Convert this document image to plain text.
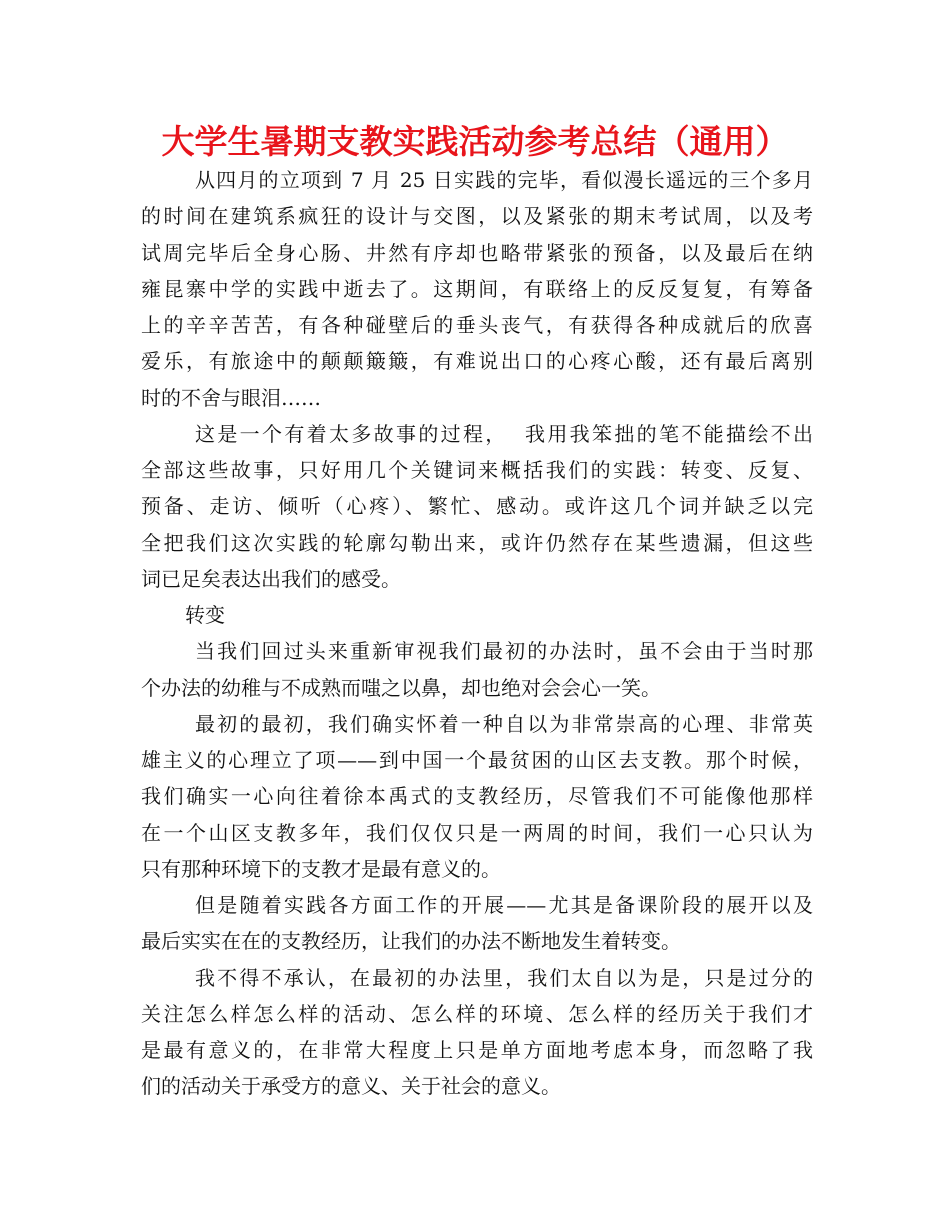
大学生暑期支教实践活动参考总结（通用）
从四月的立项到 7 月 25 日实践的完毕，看似漫长遥远的三个多月
的时间在建筑系疯狂的设计与交图，以及紧张的期末考试周，以及考
试周完毕后全身心肠、井然有序却也略带紧张的预备，以及最后在纳
雍昆寨中学的实践中逝去了。这期间，有联络上的反反复复，有筹备
上的辛辛苦苦，有各种碰壁后的垂头丧气，有获得各种成就后的欣喜
爱乐，有旅途中的颠颠簸簸，有难说出口的心疼心酸，还有最后离别
时的不舍与眼泪……
这是一个有着太多故事的过程，  我用我笨拙的笔不能描绘不出
全部这些故事，只好用几个关键词来概括我们的实践：转变、反复、
预备、走访、倾听（心疼）、繁忙、感动。或许这几个词并缺乏以完
全把我们这次实践的轮廓勾勒出来，或许仍然存在某些遗漏，但这些
词已足矣表达出我们的感受。
转变
当我们回过头来重新审视我们最初的办法时，虽不会由于当时那
个办法的幼稚与不成熟而嗤之以鼻，却也绝对会会心一笑。
最初的最初，我们确实怀着一种自以为非常崇高的心理、非常英
雄主义的心理立了项——到中国一个最贫困的山区去支教。那个时候，
我们确实一心向往着徐本禹式的支教经历，尽管我们不可能像他那样
在一个山区支教多年，我们仅仅只是一两周的时间，我们一心只认为
只有那种环境下的支教才是最有意义的。
但是随着实践各方面工作的开展——尤其是备课阶段的展开以及
最后实实在在的支教经历，让我们的办法不断地发生着转变。
我不得不承认，在最初的办法里，我们太自以为是，只是过分的
关注怎么样怎么样的活动、怎么样的环境、怎么样的经历关于我们才
是最有意义的，在非常大程度上只是单方面地考虑本身，而忽略了我
们的活动关于承受方的意义、关于社会的意义。
